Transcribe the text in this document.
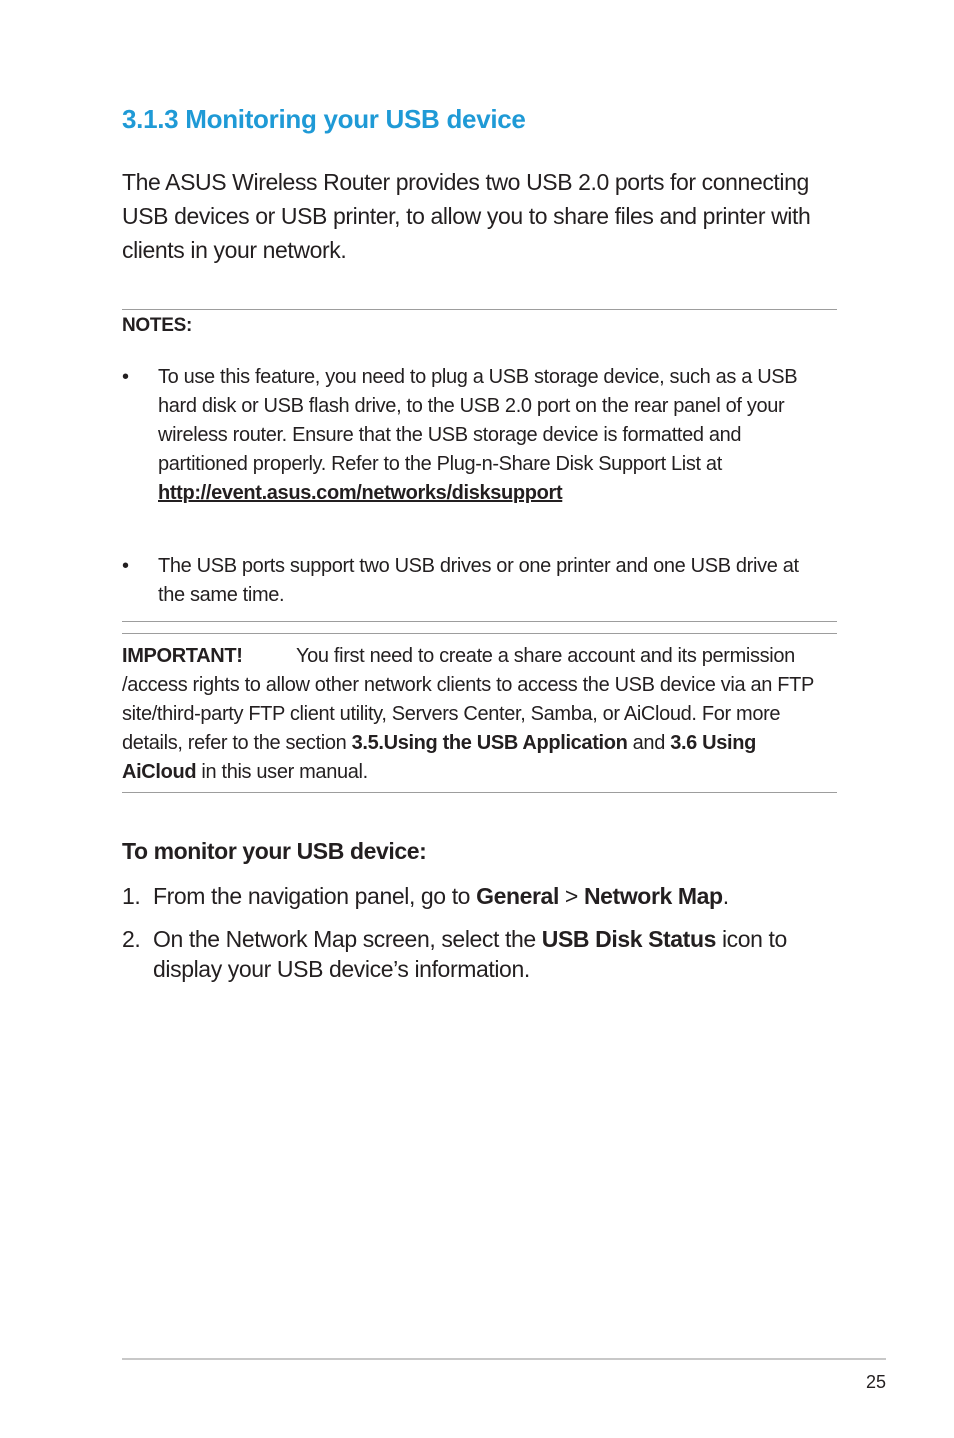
3.1.3 Monitoring your USB device
The ASUS Wireless Router provides two USB 2.0 ports for connecting USB devices or USB printer, to allow you to share files and printer with clients in your network.
NOTES:
•	To use this feature, you need to plug a USB storage device, such as a USB hard disk or USB flash drive, to the USB 2.0 port on the rear panel of your wireless router. Ensure that the USB storage device is formatted and partitioned properly. Refer to the Plug-n-Share Disk Support List at
http://event.asus.com/networks/disksupport
•	The USB ports support two USB drives or one printer and one USB drive at the same time.
IMPORTANT!	You first need to create a share account and its permission /access rights to allow other network clients to access the USB device via an FTP site/third-party FTP client utility, Servers Center, Samba, or AiCloud. For more details, refer to the section 3.5.Using the USB Application and 3.6 Using AiCloud in this user manual.
To monitor your USB device:
1. From the navigation panel, go to General > Network Map.
2. On the Network Map screen, select the USB Disk Status icon to display your USB device’s information.
25
